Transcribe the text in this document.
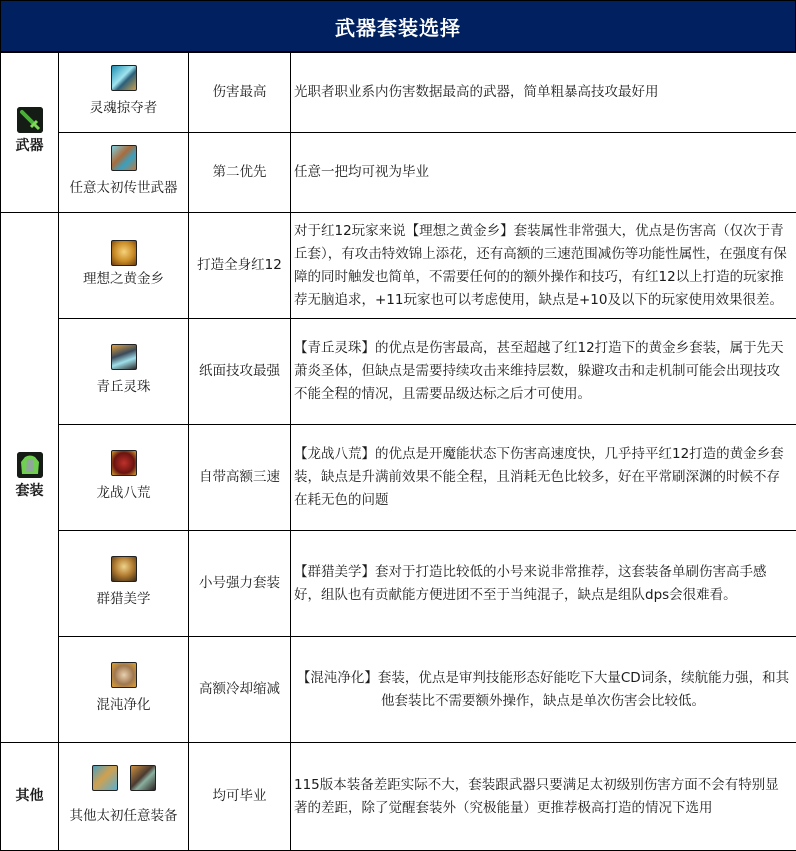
武器套装选择
武器	灵魂掠夺者	伤害最高	光职者职业系内伤害数据最高的武器，简单粗暴高技攻最好用

	任意太初传世武器	第二优先	任意一把均可视为毕业

套装	理想之黄金乡	打造全身红12	对于红12玩家来说【理想之黄金乡】套装属性非常强大，优点是伤害高（仅次于青丘套），有攻击特效锦上添花，还有高额的三速范围减伤等功能性属性，在强度有保障的同时触发也简单，不需要任何的的额外操作和技巧，有红12以上打造的玩家推荐无脑追求，+11玩家也可以考虑使用，缺点是+10及以下的玩家使用效果很差。

	青丘灵珠	纸面技攻最强	【青丘灵珠】的优点是伤害最高，甚至超越了红12打造下的黄金乡套装，属于先天萧炎圣体，但缺点是需要持续攻击来维持层数，躲避攻击和走机制可能会出现技攻不能全程的情况，且需要品级达标之后才可使用。

	龙战八荒	自带高额三速	【龙战八荒】的优点是开魔能状态下伤害高速度快，几乎持平红12打造的黄金乡套装，缺点是升满前效果不能全程，且消耗无色比较多，好在平常刷深渊的时候不存在耗无色的问题

	群猎美学	小号强力套装	【群猎美学】套对于打造比较低的小号来说非常推荐，这套装备单刷伤害高手感好，组队也有贡献能方便进团不至于当纯混子，缺点是组队dps会很难看。

	混沌净化	高额冷却缩减	【混沌净化】套装，优点是审判技能形态好能吃下大量CD词条，续航能力强，和其他套装比不需要额外操作，缺点是单次伤害会比较低。
其他	其他太初任意装备	均可毕业	115版本装备差距实际不大，套装跟武器只要满足太初级别伤害方面不会有特别显著的差距，除了觉醒套装外（究极能量）更推荐极高打造的情况下选用
